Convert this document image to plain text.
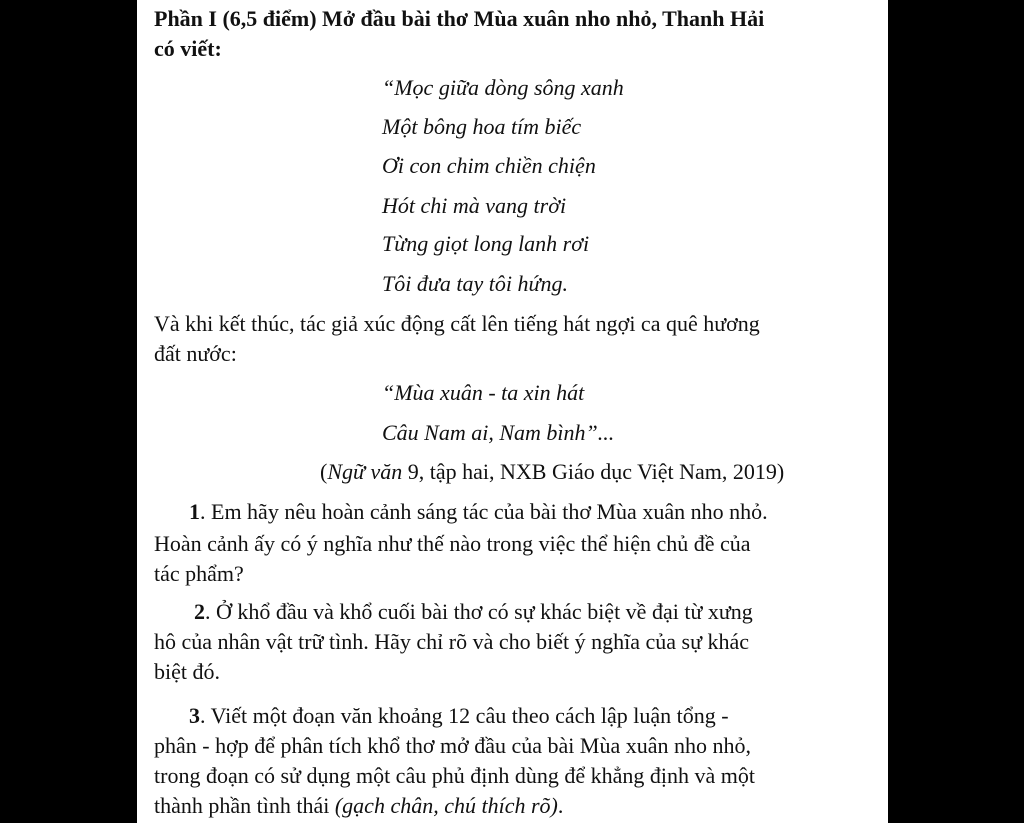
Phần I (6,5 điểm) Mở đầu bài thơ Mùa xuân nho nhỏ, Thanh Hải
có viết:
“Mọc giữa dòng sông xanh
Một bông hoa tím biếc
Ơi con chim chiền chiện
Hót chi mà vang trời
Từng giọt long lanh rơi
Tôi đưa tay tôi hứng.
Và khi kết thúc, tác giả xúc động cất lên tiếng hát ngợi ca quê hương
đất nước:
“Mùa xuân - ta xin hát
Câu Nam ai, Nam bình”...
(Ngữ văn 9, tập hai, NXB Giáo dục Việt Nam, 2019)
1. Em hãy nêu hoàn cảnh sáng tác của bài thơ Mùa xuân nho nhỏ.
Hoàn cảnh ấy có ý nghĩa như thế nào trong việc thể hiện chủ đề của
tác phẩm?
2. Ở khổ đầu và khổ cuối bài thơ có sự khác biệt về đại từ xưng
hô của nhân vật trữ tình. Hãy chỉ rõ và cho biết ý nghĩa của sự khác
biệt đó.
3. Viết một đoạn văn khoảng 12 câu theo cách lập luận tổng -
phân - hợp để phân tích khổ thơ mở đầu của bài Mùa xuân nho nhỏ,
trong đoạn có sử dụng một câu phủ định dùng để khẳng định và một
thành phần tình thái (gạch chân, chú thích rõ).
